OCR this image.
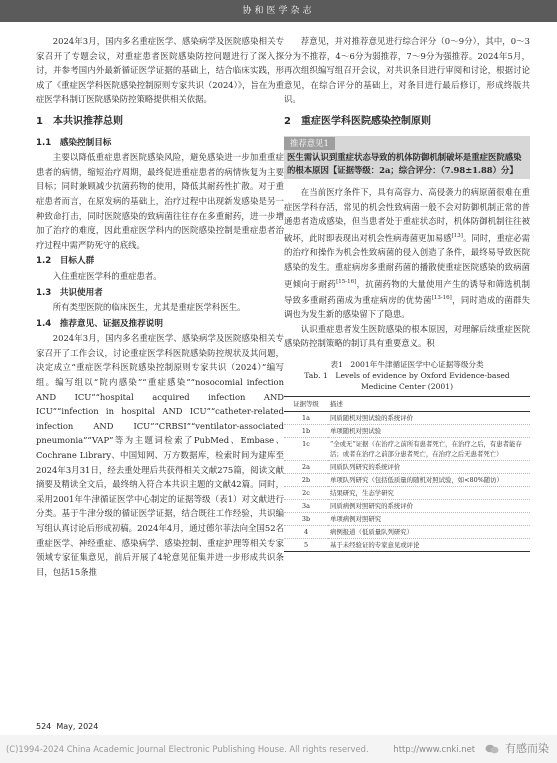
协和医学杂志

2024年3月，国内多名重症医学、感染病学及医院感染相关专家召开了专题会议，对重症患者医院感染防控问题进行了深入探讨，并参考国内外最新循证医学证据的基础上，结合临床实践，形成了《重症医学科医院感染控制原则专家共识（2024）》，旨在为重症医学科制订医院感染防控策略提供相关依据。

1　本共识推荐总则
1.1　感染控制目标

主要以降低重症患者医院感染风险，避免感染进一步加重重症患者的病情，缩短治疗周期，最终促进重症患者的病情恢复为主要目标；同时兼顾减少抗菌药物的使用，降低其耐药性扩散。对于重症患者而言，在原发病的基础上，治疗过程中出现新发感染是另一种致命打击，同时医院感染的致病菌往往存在多重耐药，进一步增加了治疗的难度，因此重症医学科内的医院感染控制是重症患者治疗过程中需严防死守的底线。

1.2　目标人群

入住重症医学科的重症患者。

1.3　共识使用者

所有类型医院的临床医生，尤其是重症医学科医生。

1.4　推荐意见、证据及推荐说明

2024年3月，国内多名重症医学、感染病学及医院感染相关专家召开了工作会议，讨论重症医学科医院感染防控规状及其问题，决定成立“重症医学科医院感染控制原则专家共识（2024）”编写组。编写组以“院内感染”“重症感染”“nosocomial infection AND ICU”“hospital acquired infection AND ICU”“infection in hospital AND ICU”“catheter-related infection AND ICU”“CRBSI”“ventilator-associated pneumonia”“VAP”等为主题词检索了PubMed、Embase、Cochrane Library、中国知网、万方数据库，检索时间为建库至2024年3月31日，经去重处理后共获得相关文献275篇，阅读文献摘要及精读全文后，最终纳入符合本共识主题的文献42篇。同时，采用2001年牛津循证医学中心制定的证据等级（表1）对文献进行分类。基于牛津分级的循证医学证据，结合既往工作经验，共识编写组认真讨论后形成初稿。2024年4月，通过德尔菲法向全国52名重症医学、神经重症、感染病学、感染控制、重症护理等相关专家领域专家征集意见，前后开展了4轮意见征集并进一步形成共识条目，包括15条推

荐意见，并对推荐意见进行综合评分（0～9分），其中，0～3分为不推荐，4～6分为弱推荐，7～9分为强推荐。2024年5月，再次组织编写组召开会议，对共识条目进行审阅和讨论，根据讨论意见，在综合评分的基础上，对条目进行最后修订，形成终版共识。

2　重症医学科医院感染控制原则
推荐意见1
医生需认识到重症状态导致的机体防御机制破坏是重症医院感染的根本原因【证据等级：2a；综合评分：（7.98±1.88）分】

在当前医疗条件下，具有高容力、高侵袭力的病原菌很难在重症医学科存活，常见的机会性致病菌一般不会对防御机制正常的普通患者造成感染，但当患者处于重症状态时，机体防御机制往往被破坏，此时即表现出对机会性病毒菌更加易感[13]。同时，重症必需的治疗和操作为机会性致病菌的侵入创造了条件，最终易导致医院感染的发生。重症病房多重耐药菌的播散使重症医院感染的致病菌更倾向于耐药[15-16]，抗菌药物的大量使用产生的诱导和筛选机制导致多重耐药菌成为重症病房的优势菌[13-16]，同时造成的菌群失调也为发生新的感染留下了隐患。

认识重症患者发生医院感染的根本原因，对理解后续重症医院感染防控制策略的制订具有重要意义。积

表1　2001年牛津循证医学中心证据等级分类
Tab. 1　Levels of evidence by Oxford Evidence-based
Medicine Center (2001)
证据等级	描述
1a	同质随机对照试验的系统评价
1b	单项随机对照试验
1c	“全或无”证据（在治疗之前所有患者死亡，在治疗之后，有患者能存活；或者在治疗之前部分患者死亡，在治疗之后无患者死亡）
2a	同质队列研究的系统评价
2b	单项队列研究（包括低质量的随机对照试验，如<80%随访）
2c	结果研究，生态学研究
3a	同质病例对照研究的系统评价
3b	单项病例对照研究
4	病例报道（低质量队列研究）
5	基于未经验证的专家意见或评论
524 May, 2024
(C)1994-2024 China Academic Journal Electronic Publishing House. All rights reserved.	http://www.cnki.net	有感而染
